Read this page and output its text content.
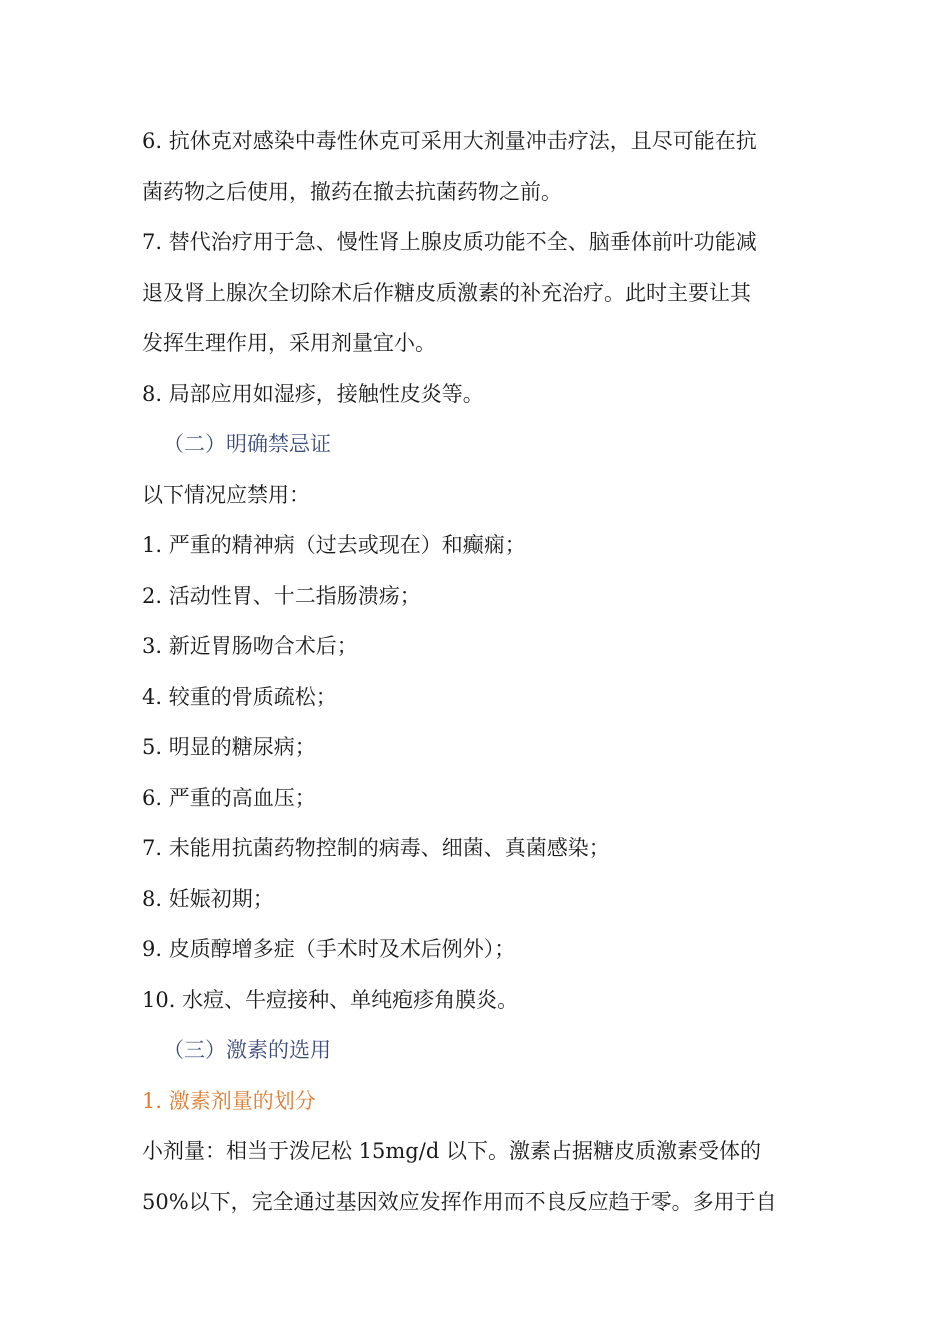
6. 抗休克对感染中毒性休克可采用大剂量冲击疗法，且尽可能在抗
菌药物之后使用，撤药在撤去抗菌药物之前。
7. 替代治疗用于急、慢性肾上腺皮质功能不全、脑垂体前叶功能减
退及肾上腺次全切除术后作糖皮质激素的补充治疗。此时主要让其
发挥生理作用，采用剂量宜小。
8. 局部应用如湿疹，接触性皮炎等。
（二）明确禁忌证
以下情况应禁用：
1. 严重的精神病（过去或现在）和癫痫；
2. 活动性胃、十二指肠溃疡；
3. 新近胃肠吻合术后；
4. 较重的骨质疏松；
5. 明显的糖尿病；
6. 严重的高血压；
7. 未能用抗菌药物控制的病毒、细菌、真菌感染；
8. 妊娠初期；
9. 皮质醇增多症（手术时及术后例外）；
10. 水痘、牛痘接种、单纯疱疹角膜炎。
（三）激素的选用
1. 激素剂量的划分
小剂量：相当于泼尼松 15mg/d 以下。激素占据糖皮质激素受体的
50%以下，完全通过基因效应发挥作用而不良反应趋于零。多用于自
